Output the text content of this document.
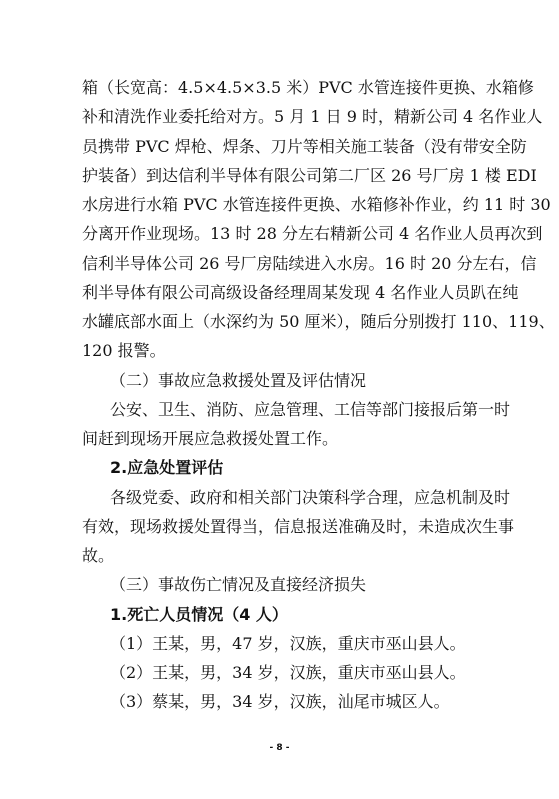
箱（长宽高：4.5×4.5×3.5 米）PVC 水管连接件更换、水箱修
补和清洗作业委托给对方。5 月 1 日 9 时，精新公司 4 名作业人
员携带 PVC 焊枪、焊条、刀片等相关施工装备（没有带安全防
护装备）到达信利半导体有限公司第二厂区 26 号厂房 1 楼 EDI
水房进行水箱 PVC 水管连接件更换、水箱修补作业，约 11 时 30
分离开作业现场。13 时 28 分左右精新公司 4 名作业人员再次到
信利半导体公司 26 号厂房陆续进入水房。16 时 20 分左右，信
利半导体有限公司高级设备经理周某发现 4 名作业人员趴在纯
水罐底部水面上（水深约为 50 厘米），随后分别拨打 110、119、
120 报警。
（二）事故应急救援处置及评估情况
公安、卫生、消防、应急管理、工信等部门接报后第一时
间赶到现场开展应急救援处置工作。
2.应急处置评估
各级党委、政府和相关部门决策科学合理，应急机制及时
有效，现场救援处置得当，信息报送准确及时，未造成次生事
故。
（三）事故伤亡情况及直接经济损失
1.死亡人员情况（4 人）
（1）王某，男，47 岁，汉族，重庆市巫山县人。
（2）王某，男，34 岁，汉族，重庆市巫山县人。
（3）蔡某，男，34 岁，汉族，汕尾市城区人。
- 8 -
